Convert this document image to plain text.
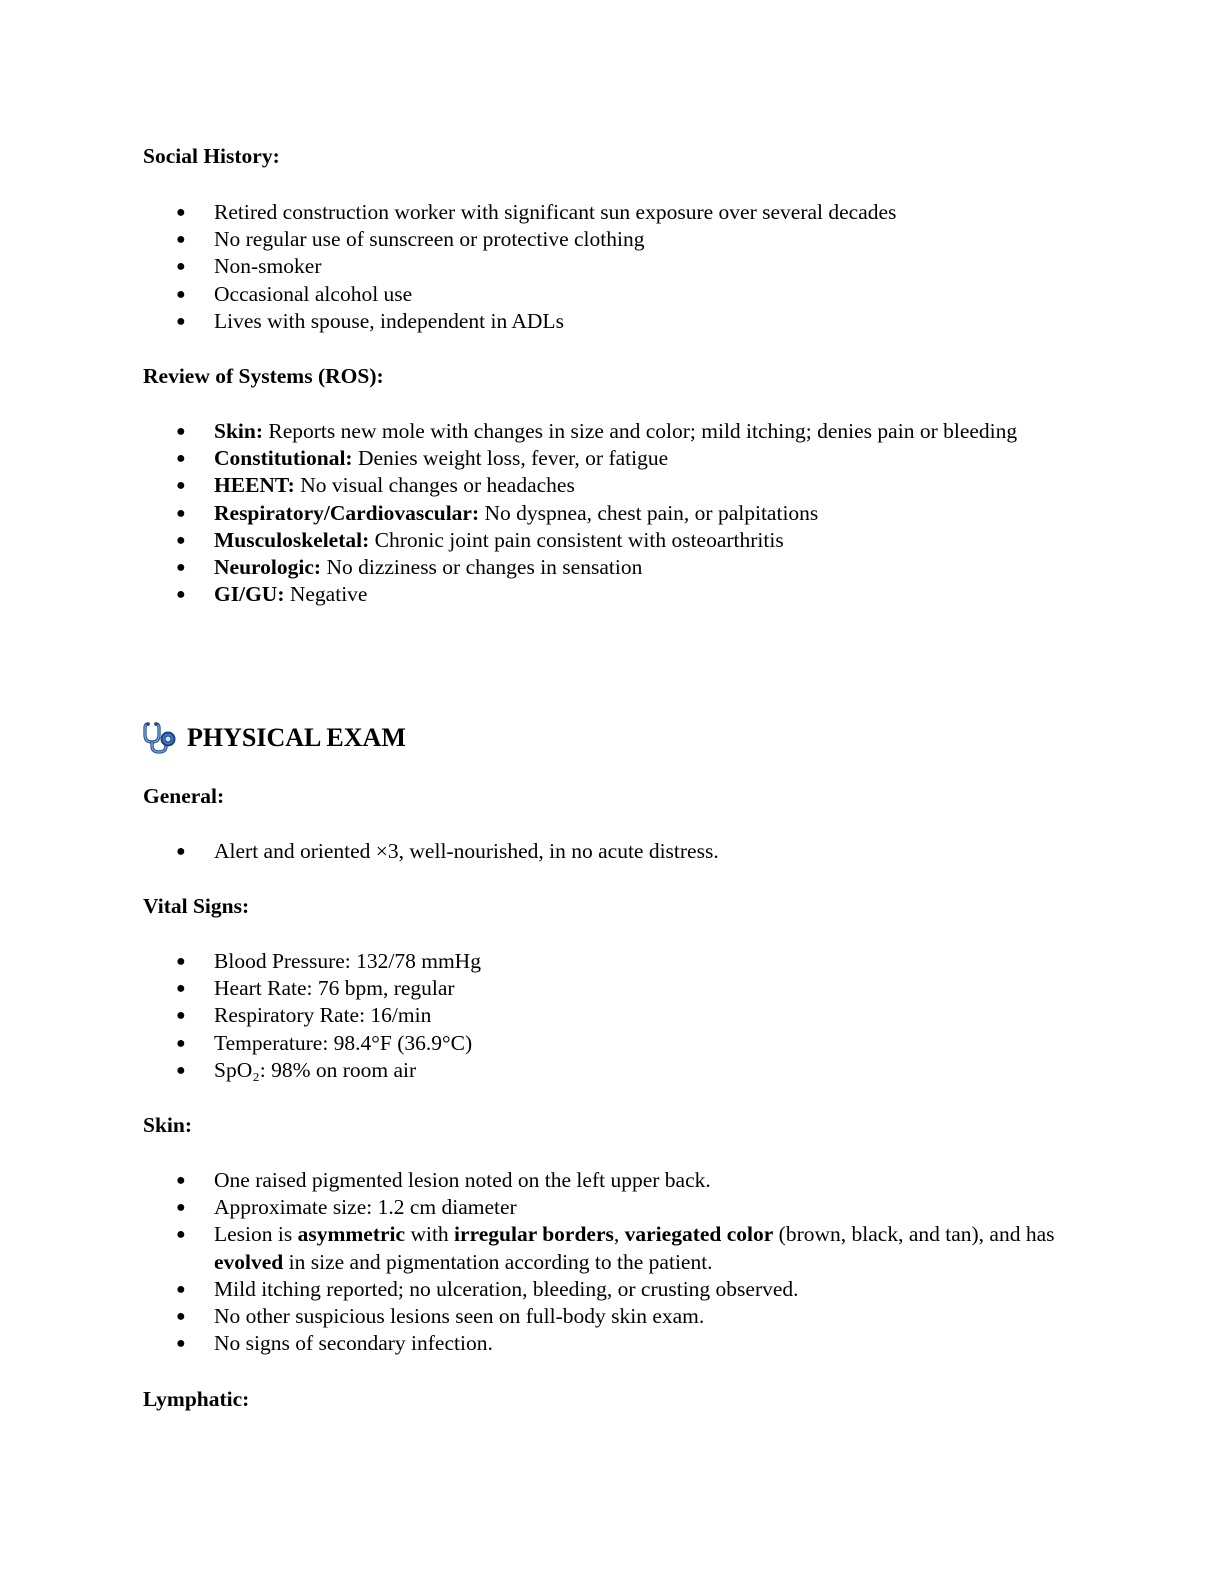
Social History:
● Retired construction worker with significant sun exposure over several decades
● No regular use of sunscreen or protective clothing
● Non-smoker
● Occasional alcohol use
● Lives with spouse, independent in ADLs
Review of Systems (ROS):
● Skin: Reports new mole with changes in size and color; mild itching; denies pain or bleeding
● Constitutional: Denies weight loss, fever, or fatigue
● HEENT: No visual changes or headaches
● Respiratory/Cardiovascular: No dyspnea, chest pain, or palpitations
● Musculoskeletal: Chronic joint pain consistent with osteoarthritis
● Neurologic: No dizziness or changes in sensation
● GI/GU: Negative
PHYSICAL EXAM
General:
● Alert and oriented ×3, well-nourished, in no acute distress.
Vital Signs:
● Blood Pressure: 132/78 mmHg
● Heart Rate: 76 bpm, regular
● Respiratory Rate: 16/min
● Temperature: 98.4°F (36.9°C)
● SpO₂: 98% on room air
Skin:
● One raised pigmented lesion noted on the left upper back.
● Approximate size: 1.2 cm diameter
● Lesion is asymmetric with irregular borders, variegated color (brown, black, and tan), and has evolved in size and pigmentation according to the patient.
● Mild itching reported; no ulceration, bleeding, or crusting observed.
● No other suspicious lesions seen on full-body skin exam.
● No signs of secondary infection.
Lymphatic:
